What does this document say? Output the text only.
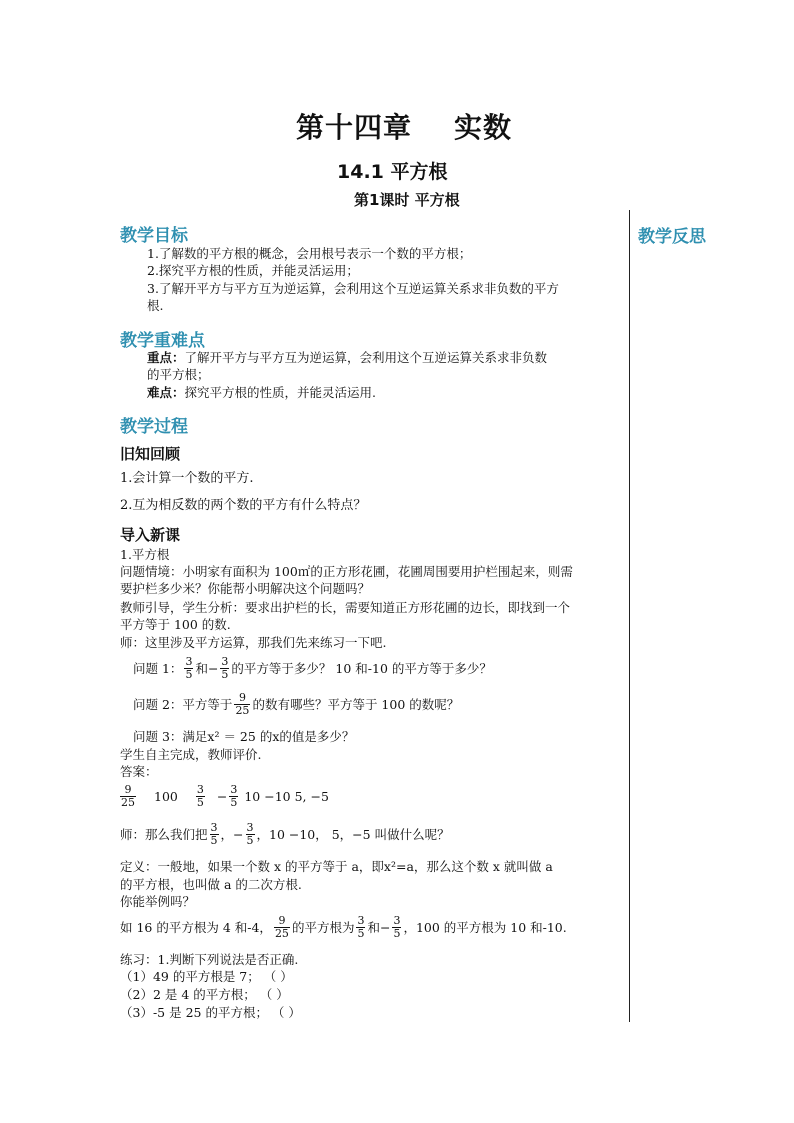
第十四章 实数
14.1 平方根
第1课时 平方根
教学反思
教学目标
1.了解数的平方根的概念，会用根号表示一个数的平方根；
2.探究平方根的性质，并能灵活运用；
3.了解开平方与平方互为逆运算，会利用这个互逆运算关系求非负数的平方
根.
教学重难点
重点：了解开平方与平方互为逆运算，会利用这个互逆运算关系求非负数
的平方根；
难点：探究平方根的性质，并能灵活运用.
教学过程
旧知回顾
1.会计算一个数的平方.
2.互为相反数的两个数的平方有什么特点？
导入新课
1.平方根
问题情境：小明家有面积为 100㎡的正方形花圃，花圃周围要用护栏围起来，则需
要护栏多少米？你能帮小明解决这个问题吗？
教师引导，学生分析：要求出护栏的长，需要知道正方形花圃的边长，即找到一个
平方等于 100 的数.
师：这里涉及平方运算，那我们先来练习一下吧.
问题 1： $\frac{3}{5}$ 和− $\frac{3}{5}$ 的平方等于多少？ 10 和-10 的平方等于多少？
问题 2：平方等于 $\frac{9}{25}$ 的数有哪些？平方等于 100 的数呢？
问题 3：满足x² ＝ 25 的x的值是多少？
学生自主完成，教师评价.
答案：
$\frac{9}{25} 100 \frac{3}{5} - \frac{3}{5} 10 -10$ 5, −5
师：那么我们把 $\frac{3}{5}$ ，− $\frac{3}{5}$ ，10 −10， 5，−5 叫做什么呢？
定义：一般地，如果一个数 x 的平方等于 a，即x²=a，那么这个数 x 就叫做 a
的平方根，也叫做 a 的二次方根.
你能举例吗？
如 16 的平方根为 4 和-4， $\frac{9}{25}$ 的平方根为 $\frac{3}{5}$ 和− $\frac{3}{5}$ ，100 的平方根为 10 和-10.
练习：1.判断下列说法是否正确.
（1）49 的平方根是 7； （ ）
（2）2 是 4 的平方根； （ ）
（3）-5 是 25 的平方根； （ ）
